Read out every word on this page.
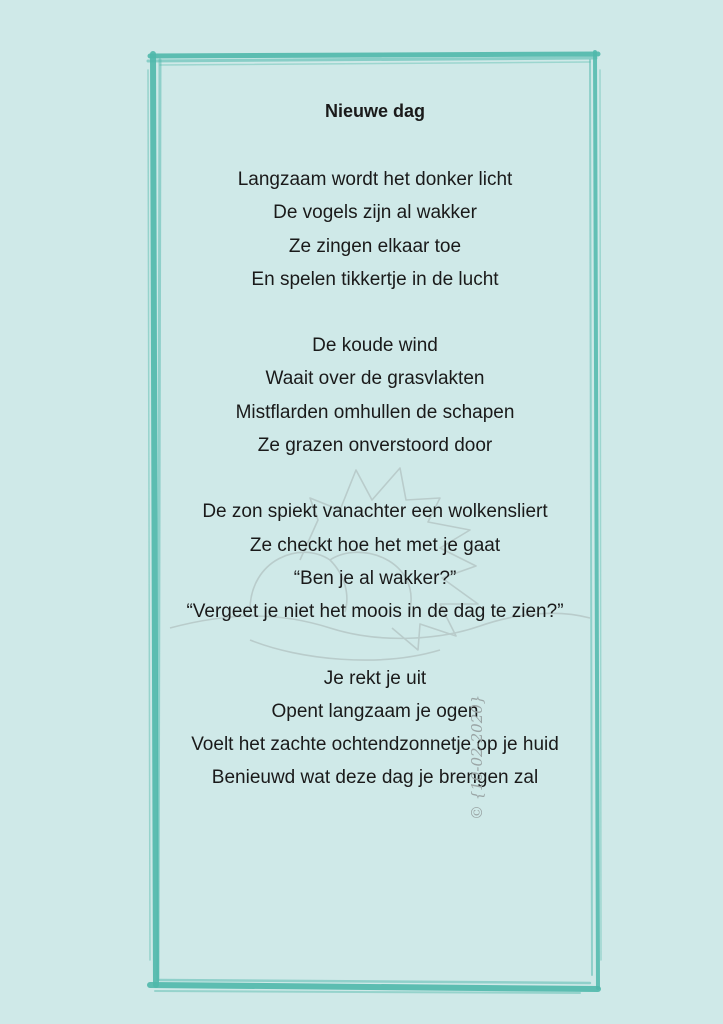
Nieuwe dag
Langzaam wordt het donker licht
De vogels zijn al wakker
Ze zingen elkaar toe
En spelen tikkertje in de lucht
De koude wind
Waait over de grasvlakten
Mistflarden omhullen de schapen
Ze grazen onverstoord door
De zon spiekt vanachter een wolkensliert
Ze checkt hoe het met je gaat
“Ben je al wakker?”
“Vergeet je niet het moois in de dag te zien?”
Je rekt je uit
Opent langzaam je ogen
Voelt het zachte ochtendzonnetje op je huid
Benieuwd wat deze dag je brengen zal
© {10-02-2020}
